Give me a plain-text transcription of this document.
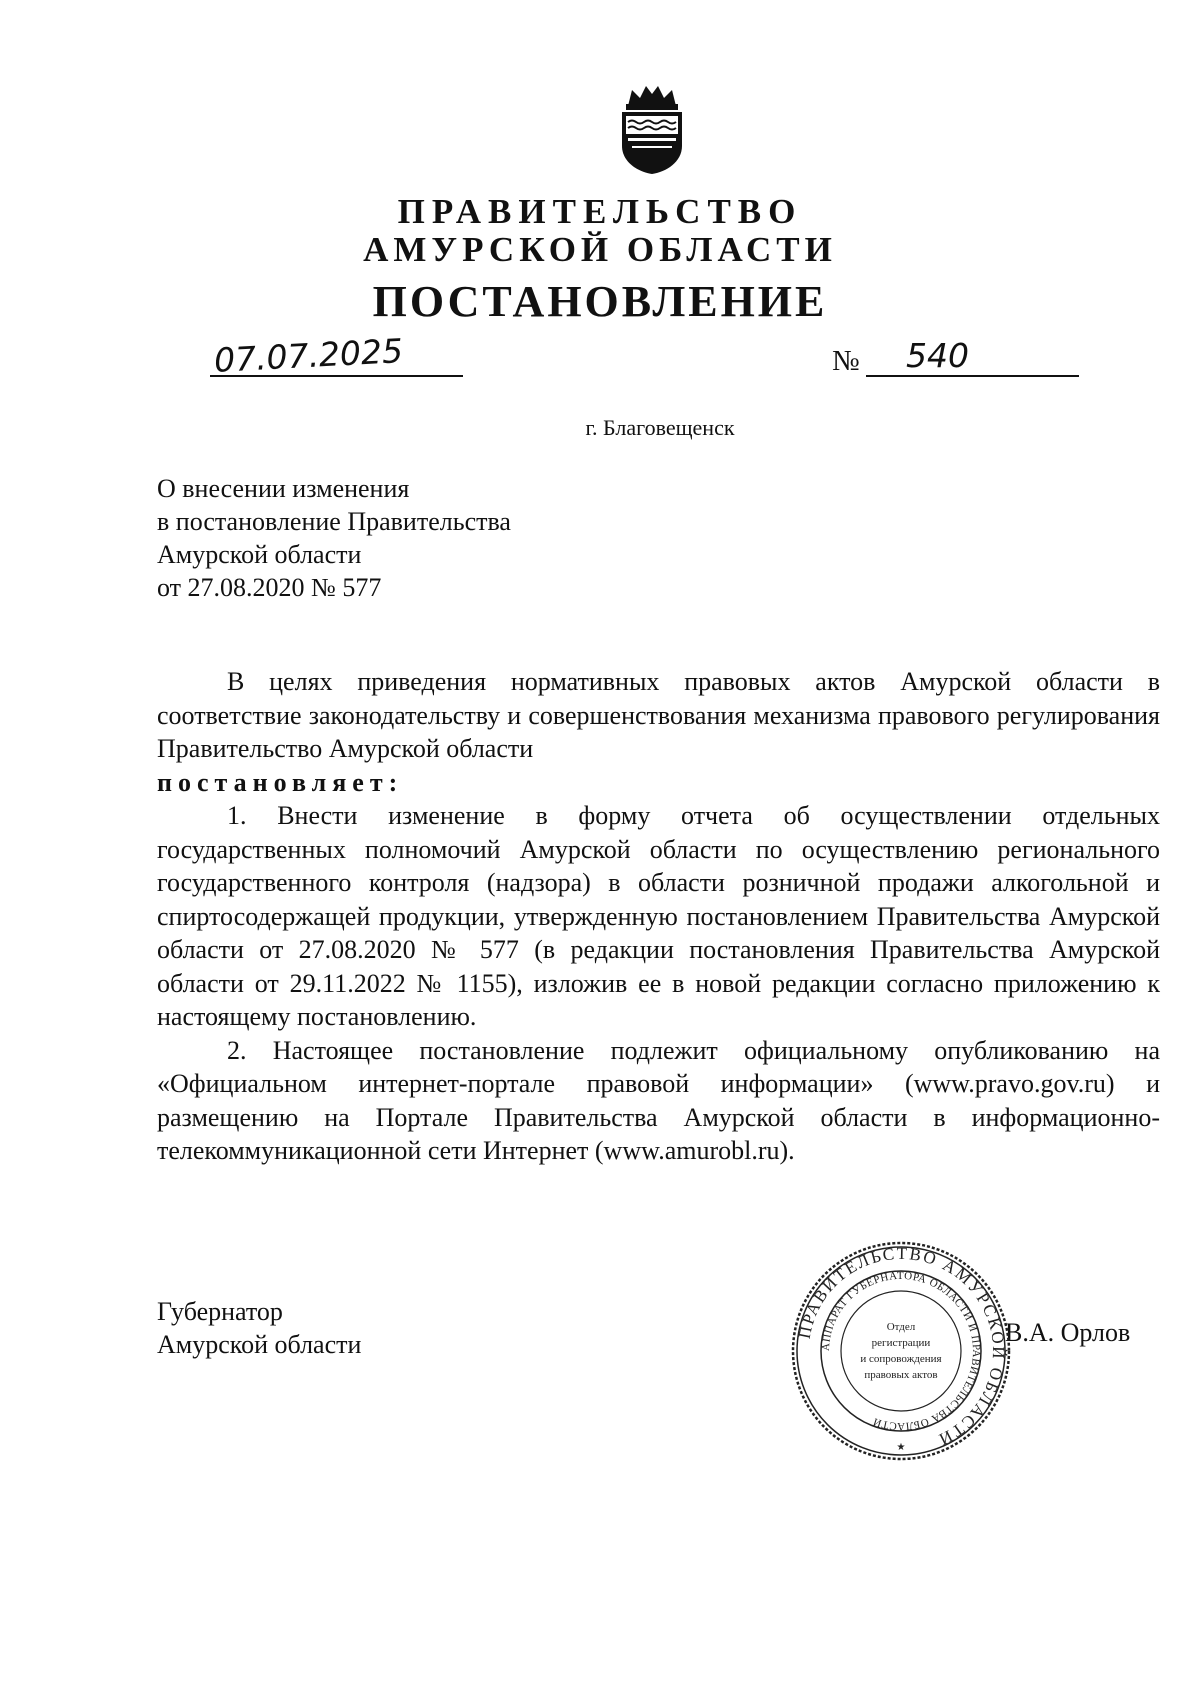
ПРАВИТЕЛЬСТВО
АМУРСКОЙ ОБЛАСТИ
ПОСТАНОВЛЕНИЕ
07.07.2025	№ 540
г. Благовещенск
О внесении изменения
в постановление Правительства
Амурской области
от 27.08.2020 № 577

В целях приведения нормативных правовых актов Амурской области в соответствие законодательству и совершенствования механизма правового регулирования Правительство Амурской области

постановляет:

1. Внести изменение в форму отчета об осуществлении отдельных государственных полномочий Амурской области по осуществлению регионального государственного контроля (надзора) в области розничной продажи алкогольной и спиртосодержащей продукции, утвержденную постановлением Правительства Амурской области от 27.08.2020 № 577 (в редакции постановления Правительства Амурской области от 29.11.2022 № 1155), изложив ее в новой редакции согласно приложению к настоящему постановлению.

2. Настоящее постановление подлежит официальному опубликованию на «Официальном интернет-портале правовой информации» (www.pravo.gov.ru) и размещению на Портале Правительства Амурской области в информационно-телекоммуникационной сети Интернет (www.amurobl.ru).

Губернатор
Амурской области	В.А. Орлов
ПРАВИТЕЛЬСТВО АМУРСКОЙ ОБЛАСТИ
АППАРАТ ГУБЕРНАТОРА ОБЛАСТИ И ПРАВИТЕЛЬСТВА ОБЛАСТИ
Отдел
регистрации
и сопровождения
правовых актов
★
